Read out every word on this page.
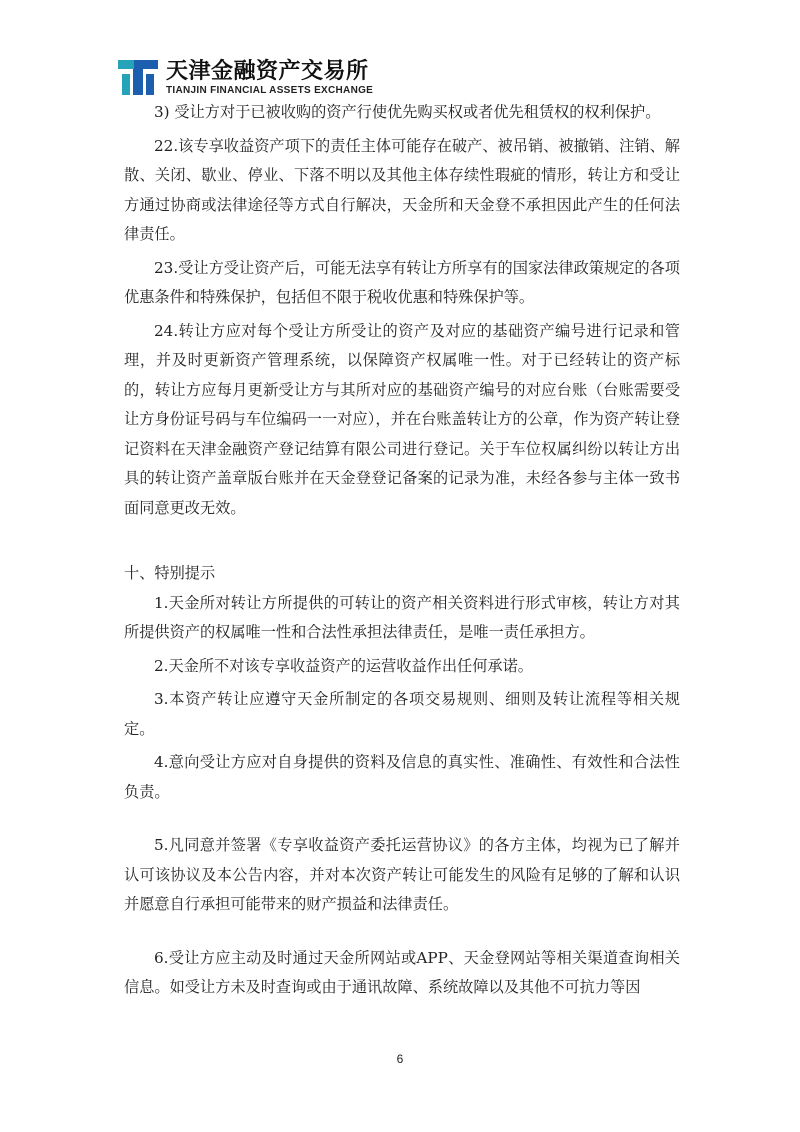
天津金融资产交易所
TIANJIN FINANCIAL ASSETS EXCHANGE

3) 受让方对于已被收购的资产行使优先购买权或者优先租赁权的权利保护。

22.该专享收益资产项下的责任主体可能存在破产、被吊销、被撤销、注销、解散、关闭、歇业、停业、下落不明以及其他主体存续性瑕疵的情形，转让方和受让方通过协商或法律途径等方式自行解决，天金所和天金登不承担因此产生的任何法律责任。

23.受让方受让资产后，可能无法享有转让方所享有的国家法律政策规定的各项优惠条件和特殊保护，包括但不限于税收优惠和特殊保护等。

24.转让方应对每个受让方所受让的资产及对应的基础资产编号进行记录和管理，并及时更新资产管理系统，以保障资产权属唯一性。对于已经转让的资产标的，转让方应每月更新受让方与其所对应的基础资产编号的对应台账（台账需要受让方身份证号码与车位编码一一对应），并在台账盖转让方的公章，作为资产转让登记资料在天津金融资产登记结算有限公司进行登记。关于车位权属纠纷以转让方出具的转让资产盖章版台账并在天金登登记备案的记录为准，未经各参与主体一致书面同意更改无效。

十、特别提示

1.天金所对转让方所提供的可转让的资产相关资料进行形式审核，转让方对其所提供资产的权属唯一性和合法性承担法律责任，是唯一责任承担方。

2.天金所不对该专享收益资产的运营收益作出任何承诺。

3.本资产转让应遵守天金所制定的各项交易规则、细则及转让流程等相关规定。

4.意向受让方应对自身提供的资料及信息的真实性、准确性、有效性和合法性负责。

5.凡同意并签署《专享收益资产委托运营协议》的各方主体，均视为已了解并认可该协议及本公告内容，并对本次资产转让可能发生的风险有足够的了解和认识并愿意自行承担可能带来的财产损益和法律责任。

6.受让方应主动及时通过天金所网站或APP、天金登网站等相关渠道查询相关信息。如受让方未及时查询或由于通讯故障、系统故障以及其他不可抗力等因

6
